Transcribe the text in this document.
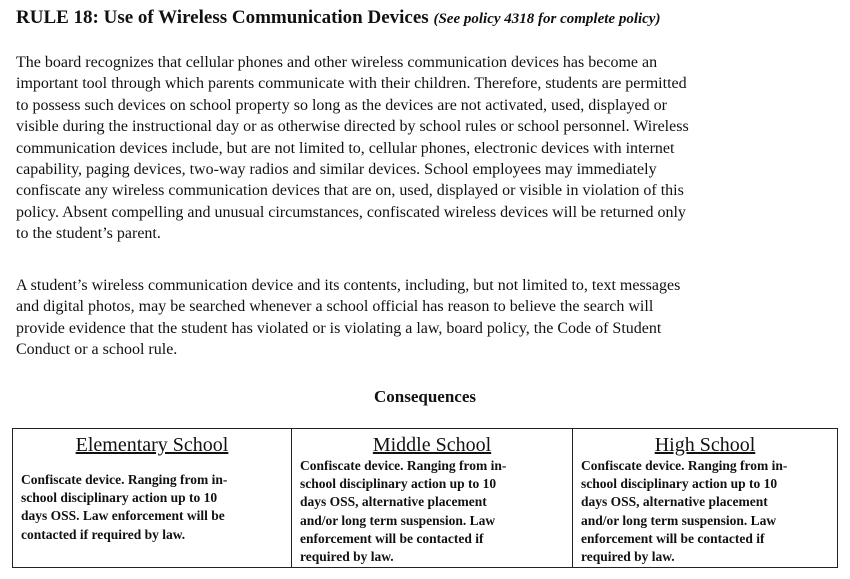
RULE 18: Use of Wireless Communication Devices (See policy 4318 for complete policy)

The board recognizes that cellular phones and other wireless communication devices has become an
important tool through which parents communicate with their children. Therefore, students are permitted
to possess such devices on school property so long as the devices are not activated, used, displayed or
visible during the instructional day or as otherwise directed by school rules or school personnel. Wireless
communication devices include, but are not limited to, cellular phones, electronic devices with internet
capability, paging devices, two-way radios and similar devices. School employees may immediately
confiscate any wireless communication devices that are on, used, displayed or visible in violation of this
policy. Absent compelling and unusual circumstances, confiscated wireless devices will be returned only
to the student’s parent.

A student’s wireless communication device and its contents, including, but not limited to, text messages
and digital photos, may be searched whenever a school official has reason to believe the search will
provide evidence that the student has violated or is violating a law, board policy, the Code of Student
Conduct or a school rule.

Consequences
Elementary School
Confiscate device. Ranging from in-
school disciplinary action up to 10
days OSS. Law enforcement will be
contacted if required by law.
Middle School
Confiscate device. Ranging from in-
school disciplinary action up to 10
days OSS, alternative placement
and/or long term suspension. Law
enforcement will be contacted if
required by law.
High School
Confiscate device. Ranging from in-
school disciplinary action up to 10
days OSS, alternative placement
and/or long term suspension. Law
enforcement will be contacted if
required by law.
